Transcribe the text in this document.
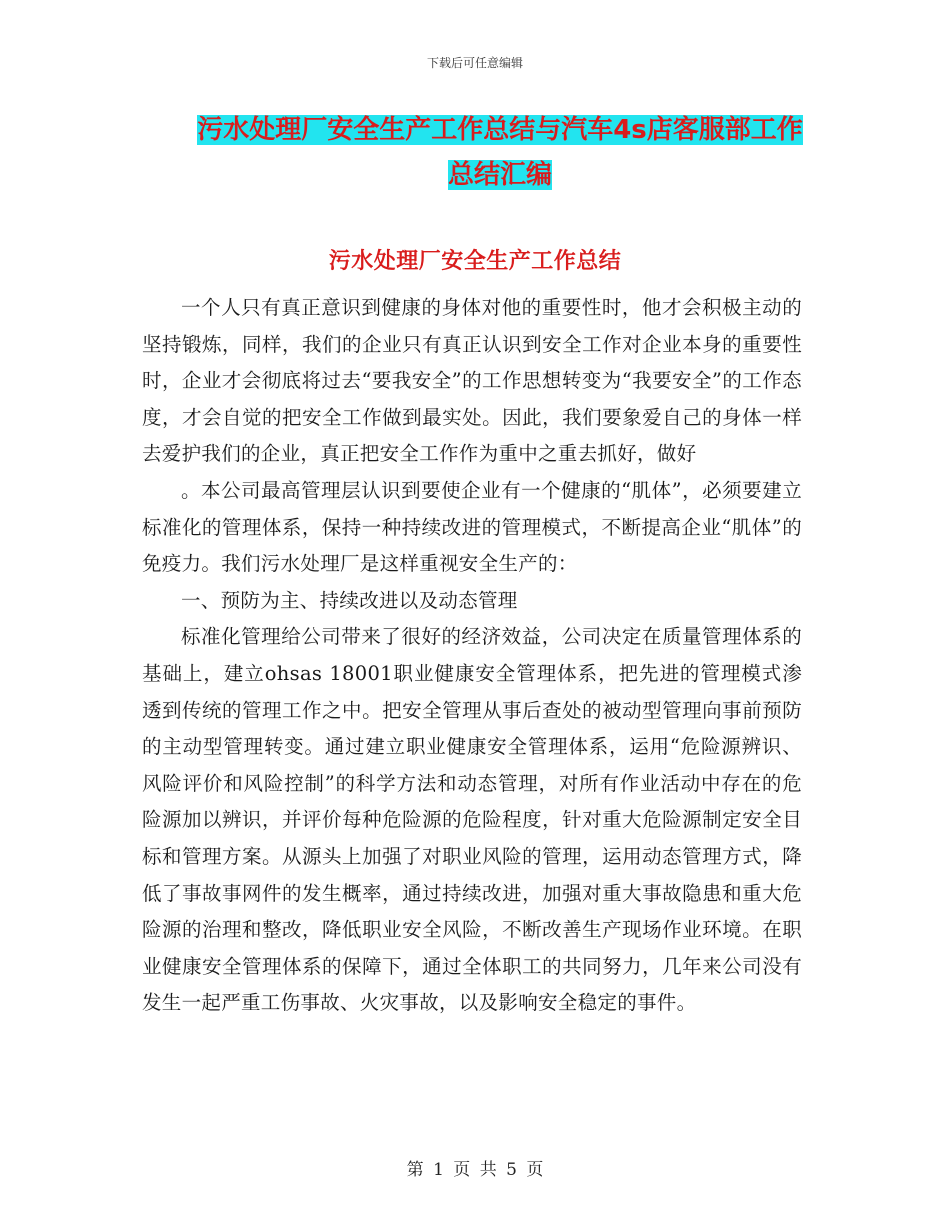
下载后可任意编辑
污水处理厂安全生产工作总结与汽车4s店客服部工作
总结汇编
污水处理厂安全生产工作总结

一个人只有真正意识到健康的身体对他的重要性时，他才会积极主动的坚持锻炼，同样，我们的企业只有真正认识到安全工作对企业本身的重要性时，企业才会彻底将过去“要我安全”的工作思想转变为“我要安全”的工作态度，才会自觉的把安全工作做到最实处。因此，我们要象爱自己的身体一样去爱护我们的企业，真正把安全工作作为重中之重去抓好，做好

。本公司最高管理层认识到要使企业有一个健康的“肌体”，必须要建立标准化的管理体系，保持一种持续改进的管理模式，不断提高企业“肌体”的免疫力。我们污水处理厂是这样重视安全生产的：

一、预防为主、持续改进以及动态管理

标准化管理给公司带来了很好的经济效益，公司决定在质量管理体系的基础上，建立ohsas 18001职业健康安全管理体系，把先进的管理模式渗透到传统的管理工作之中。把安全管理从事后查处的被动型管理向事前预防的主动型管理转变。通过建立职业健康安全管理体系，运用“危险源辨识、风险评价和风险控制”的科学方法和动态管理，对所有作业活动中存在的危险源加以辨识，并评价每种危险源的危险程度，针对重大危险源制定安全目标和管理方案。从源头上加强了对职业风险的管理，运用动态管理方式，降低了事故事网件的发生概率，通过持续改进，加强对重大事故隐患和重大危险源的治理和整改，降低职业安全风险，不断改善生产现场作业环境。在职业健康安全管理体系的保障下，通过全体职工的共同努力，几年来公司没有发生一起严重工伤事故、火灾事故，以及影响安全稳定的事件。

第 1 页 共 5 页
